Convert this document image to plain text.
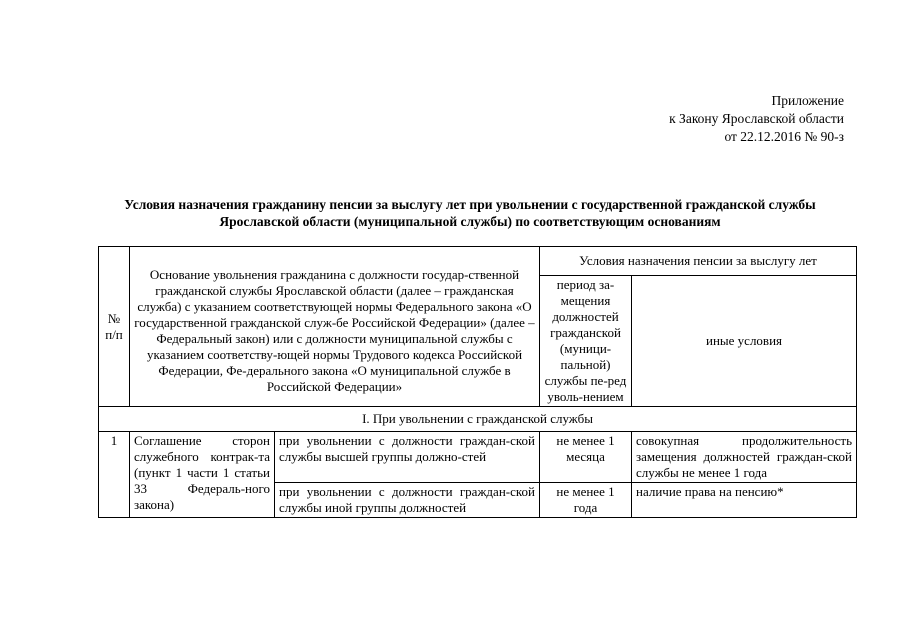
Приложение
к Закону Ярославской области
от 22.12.2016 № 90-з
Условия назначения гражданину пенсии за выслугу лет при увольнении с государственной гражданской службы Ярославской области (муниципальной службы) по соответствующим основаниям
№ п/п	Основание увольнения гражданина с должности государ-ственной гражданской службы Ярославской области (далее – гражданская служба) с указанием соответствующей нормы Федерального закона «О государственной гражданской служ-бе Российской Федерации» (далее – Федеральный закон) или с должности муниципальной службы с указанием соответству-ющей нормы Трудового кодекса Российской Федерации, Фе-дерального закона «О муниципальной службе в Российской Федерации»		Условия назначения пенсии за выслугу лет	
			период за-мещения должностей гражданской (муници-пальной) службы пе-ред уволь-нением	иные условия
I. При увольнении с гражданской службы				
1	Соглашение сторон служебного контрак-та (пункт 1 части 1 статьи 33 Федераль-ного закона)	при увольнении с должности граждан-ской службы высшей группы должно-стей	не менее 1 месяца	совокупная продолжительность замещения должностей граждан-ской службы не менее 1 года
		при увольнении с должности граждан-ской службы иной группы должностей	не менее 1 года	наличие права на пенсию*
